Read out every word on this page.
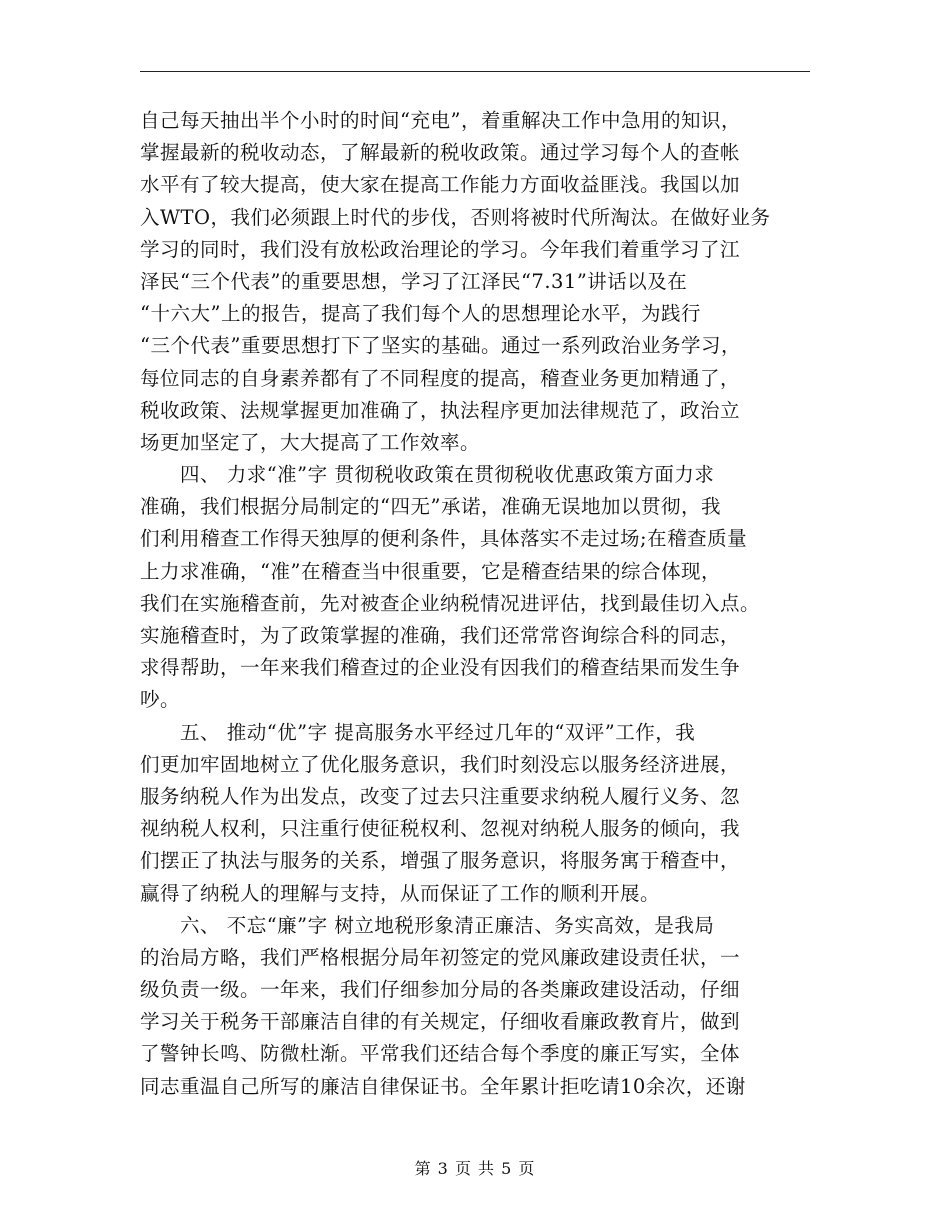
自己每天抽出半个小时的时间“充电”，着重解决工作中急用的知识，
掌握最新的税收动态，了解最新的税收政策。通过学习每个人的查帐
水平有了较大提高，使大家在提高工作能力方面收益匪浅。我国以加
入WTO，我们必须跟上时代的步伐，否则将被时代所淘汰。在做好业务
学习的同时，我们没有放松政治理论的学习。今年我们着重学习了江
泽民“三个代表”的重要思想，学习了江泽民“7.31”讲话以及在
“十六大”上的报告，提高了我们每个人的思想理论水平，为践行
“三个代表”重要思想打下了坚实的基础。通过一系列政治业务学习，
每位同志的自身素养都有了不同程度的提高，稽查业务更加精通了，
税收政策、法规掌握更加准确了，执法程序更加法律规范了，政治立
场更加坚定了，大大提高了工作效率。
　　四、 力求“准”字 贯彻税收政策在贯彻税收优惠政策方面力求
准确，我们根据分局制定的“四无”承诺，准确无误地加以贯彻，我
们利用稽查工作得天独厚的便利条件，具体落实不走过场;在稽查质量
上力求准确，“准”在稽查当中很重要，它是稽查结果的综合体现，
我们在实施稽查前，先对被查企业纳税情况进评估，找到最佳切入点。
实施稽查时，为了政策掌握的准确，我们还常常咨询综合科的同志，
求得帮助，一年来我们稽查过的企业没有因我们的稽查结果而发生争
吵。
　　五、 推动“优”字 提高服务水平经过几年的“双评”工作，我
们更加牢固地树立了优化服务意识，我们时刻没忘以服务经济进展，
服务纳税人作为出发点，改变了过去只注重要求纳税人履行义务、忽
视纳税人权利，只注重行使征税权利、忽视对纳税人服务的倾向，我
们摆正了执法与服务的关系，增强了服务意识，将服务寓于稽查中，
赢得了纳税人的理解与支持，从而保证了工作的顺利开展。
　　六、 不忘“廉”字 树立地税形象清正廉洁、务实高效，是我局
的治局方略，我们严格根据分局年初签定的党风廉政建设责任状，一
级负责一级。一年来，我们仔细参加分局的各类廉政建设活动，仔细
学习关于税务干部廉洁自律的有关规定，仔细收看廉政教育片，做到
了警钟长鸣、防微杜渐。平常我们还结合每个季度的廉正写实，全体
同志重温自己所写的廉洁自律保证书。全年累计拒吃请10余次，还谢
第 3 页 共 5 页
